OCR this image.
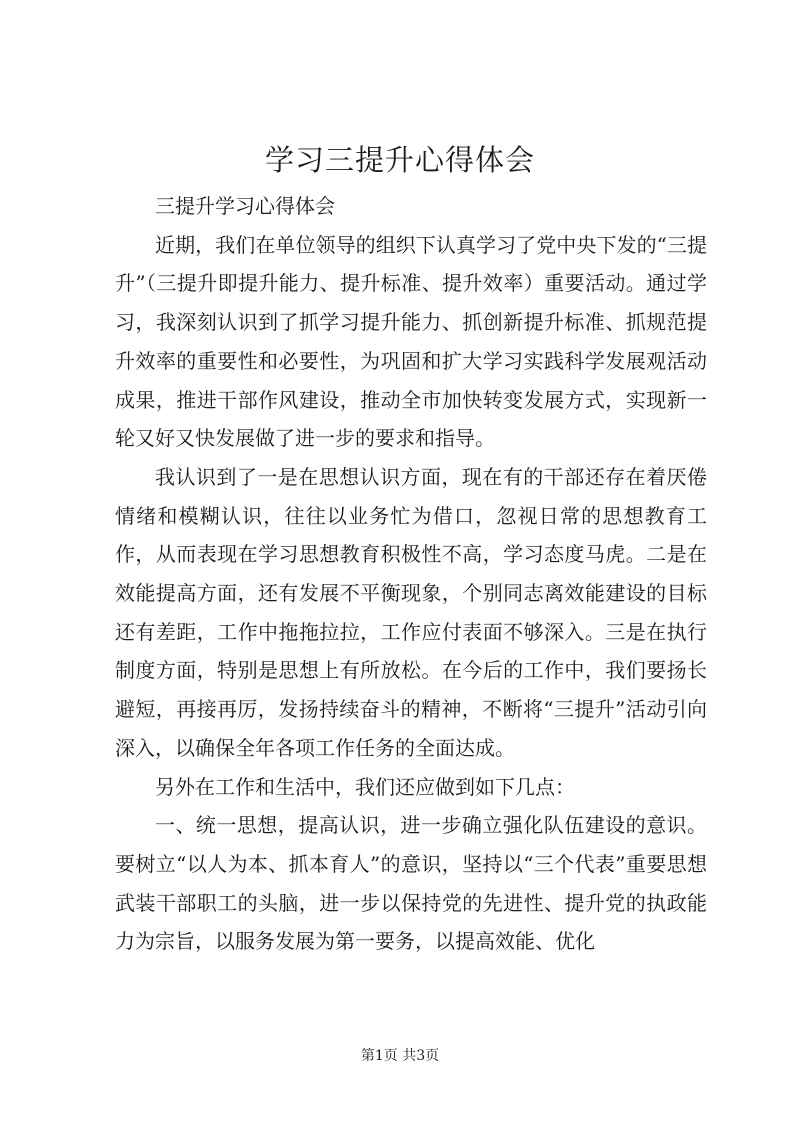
学习三提升心得体会

三提升学习心得体会

近期，我们在单位领导的组织下认真学习了党中央下发的“三提升”（三提升即提升能力、提升标准、提升效率）重要活动。通过学习，我深刻认识到了抓学习提升能力、抓创新提升标准、抓规范提升效率的重要性和必要性，为巩固和扩大学习实践科学发展观活动成果，推进干部作风建设，推动全市加快转变发展方式，实现新一轮又好又快发展做了进一步的要求和指导。

我认识到了一是在思想认识方面，现在有的干部还存在着厌倦情绪和模糊认识，往往以业务忙为借口，忽视日常的思想教育工作，从而表现在学习思想教育积极性不高，学习态度马虎。二是在效能提高方面，还有发展不平衡现象，个别同志离效能建设的目标还有差距，工作中拖拖拉拉，工作应付表面不够深入。三是在执行制度方面，特别是思想上有所放松。在今后的工作中，我们要扬长避短，再接再厉，发扬持续奋斗的精神，不断将“三提升”活动引向深入，以确保全年各项工作任务的全面达成。

另外在工作和生活中，我们还应做到如下几点：

一、统一思想，提高认识，进一步确立强化队伍建设的意识。要树立“以人为本、抓本育人”的意识，坚持以“三个代表”重要思想武装干部职工的头脑，进一步以保持党的先进性、提升党的执政能力为宗旨，以服务发展为第一要务，以提高效能、优化

第1页 共3页
